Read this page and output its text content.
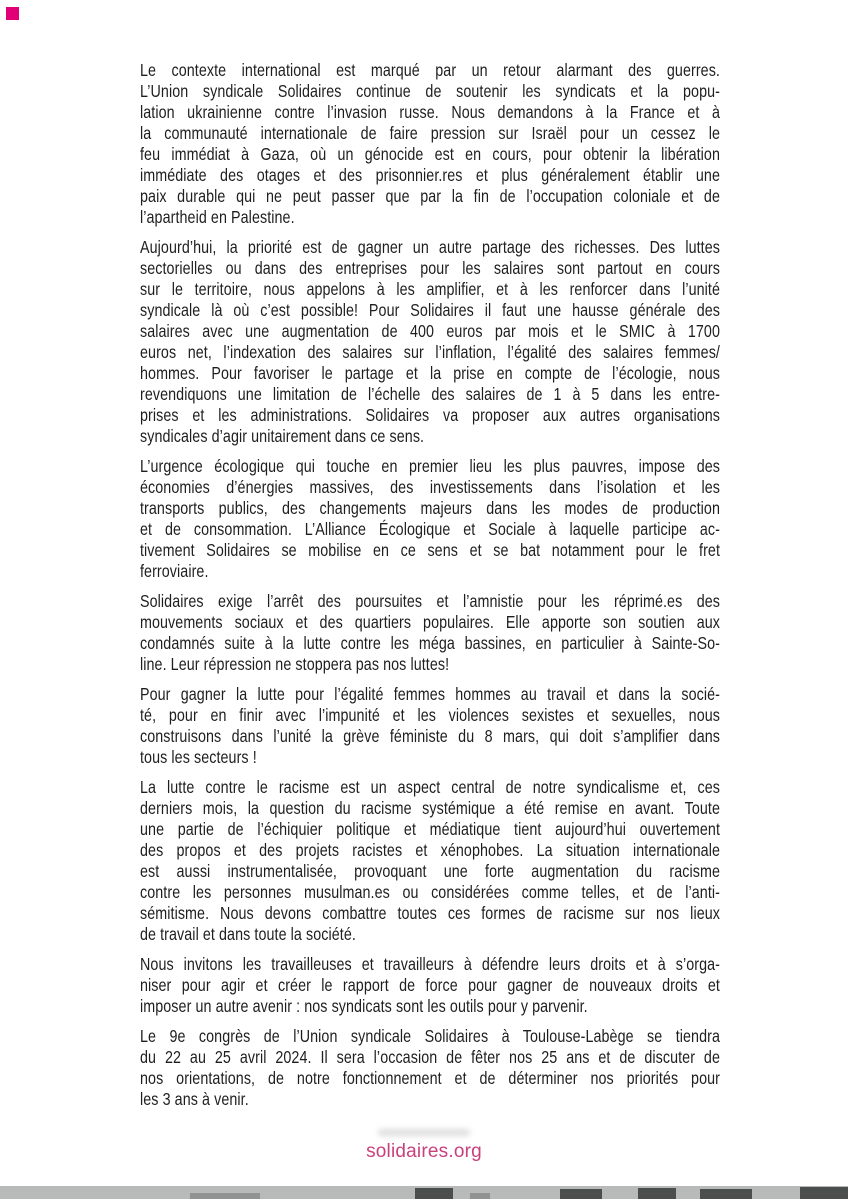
Le contexte international est marqué par un retour alarmant des guerres.
L’Union syndicale Solidaires continue de soutenir les syndicats et la popu-
lation ukrainienne contre l’invasion russe. Nous demandons à la France et à
la communauté internationale de faire pression sur Israël pour un cessez le
feu immédiat à Gaza, où un génocide est en cours, pour obtenir la libération
immédiate des otages et des prisonnier.res et plus généralement établir une
paix durable qui ne peut passer que par la fin de l’occupation coloniale et de
l’apartheid en Palestine.
Aujourd’hui, la priorité est de gagner un autre partage des richesses. Des luttes
sectorielles ou dans des entreprises pour les salaires sont partout en cours
sur le territoire, nous appelons à les amplifier, et à les renforcer dans l’unité
syndicale là où c’est possible! Pour Solidaires il faut une hausse générale des
salaires avec une augmentation de 400 euros par mois et le SMIC à 1700
euros net, l’indexation des salaires sur l’inflation, l’égalité des salaires femmes/
hommes. Pour favoriser le partage et la prise en compte de l’écologie, nous
revendiquons une limitation de l’échelle des salaires de 1 à 5 dans les entre-
prises et les administrations. Solidaires va proposer aux autres organisations
syndicales d’agir unitairement dans ce sens.
L’urgence écologique qui touche en premier lieu les plus pauvres, impose des
économies d’énergies massives, des investissements dans l’isolation et les
transports publics, des changements majeurs dans les modes de production
et de consommation. L’Alliance Écologique et Sociale à laquelle participe ac-
tivement Solidaires se mobilise en ce sens et se bat notamment pour le fret
ferroviaire.
Solidaires exige l’arrêt des poursuites et l’amnistie pour les réprimé.es des
mouvements sociaux et des quartiers populaires. Elle apporte son soutien aux
condamnés suite à la lutte contre les méga bassines, en particulier à Sainte-So-
line. Leur répression ne stoppera pas nos luttes!
Pour gagner la lutte pour l’égalité femmes hommes au travail et dans la socié-
té, pour en finir avec l’impunité et les violences sexistes et sexuelles, nous
construisons dans l’unité la grève féministe du 8 mars, qui doit s’amplifier dans
tous les secteurs !
La lutte contre le racisme est un aspect central de notre syndicalisme et, ces
derniers mois, la question du racisme systémique a été remise en avant. Toute
une partie de l’échiquier politique et médiatique tient aujourd’hui ouvertement
des propos et des projets racistes et xénophobes. La situation internationale
est aussi instrumentalisée, provoquant une forte augmentation du racisme
contre les personnes musulman.es ou considérées comme telles, et de l’anti-
sémitisme. Nous devons combattre toutes ces formes de racisme sur nos lieux
de travail et dans toute la société.
Nous invitons les travailleuses et travailleurs à défendre leurs droits et à s’orga-
niser pour agir et créer le rapport de force pour gagner de nouveaux droits et
imposer un autre avenir : nos syndicats sont les outils pour y parvenir.
Le 9e congrès de l’Union syndicale Solidaires à Toulouse-Labège se tiendra
du 22 au 25 avril 2024. Il sera l’occasion de fêter nos 25 ans et de discuter de
nos orientations, de notre fonctionnement et de déterminer nos priorités pour
les 3 ans à venir.
solidaires.org
